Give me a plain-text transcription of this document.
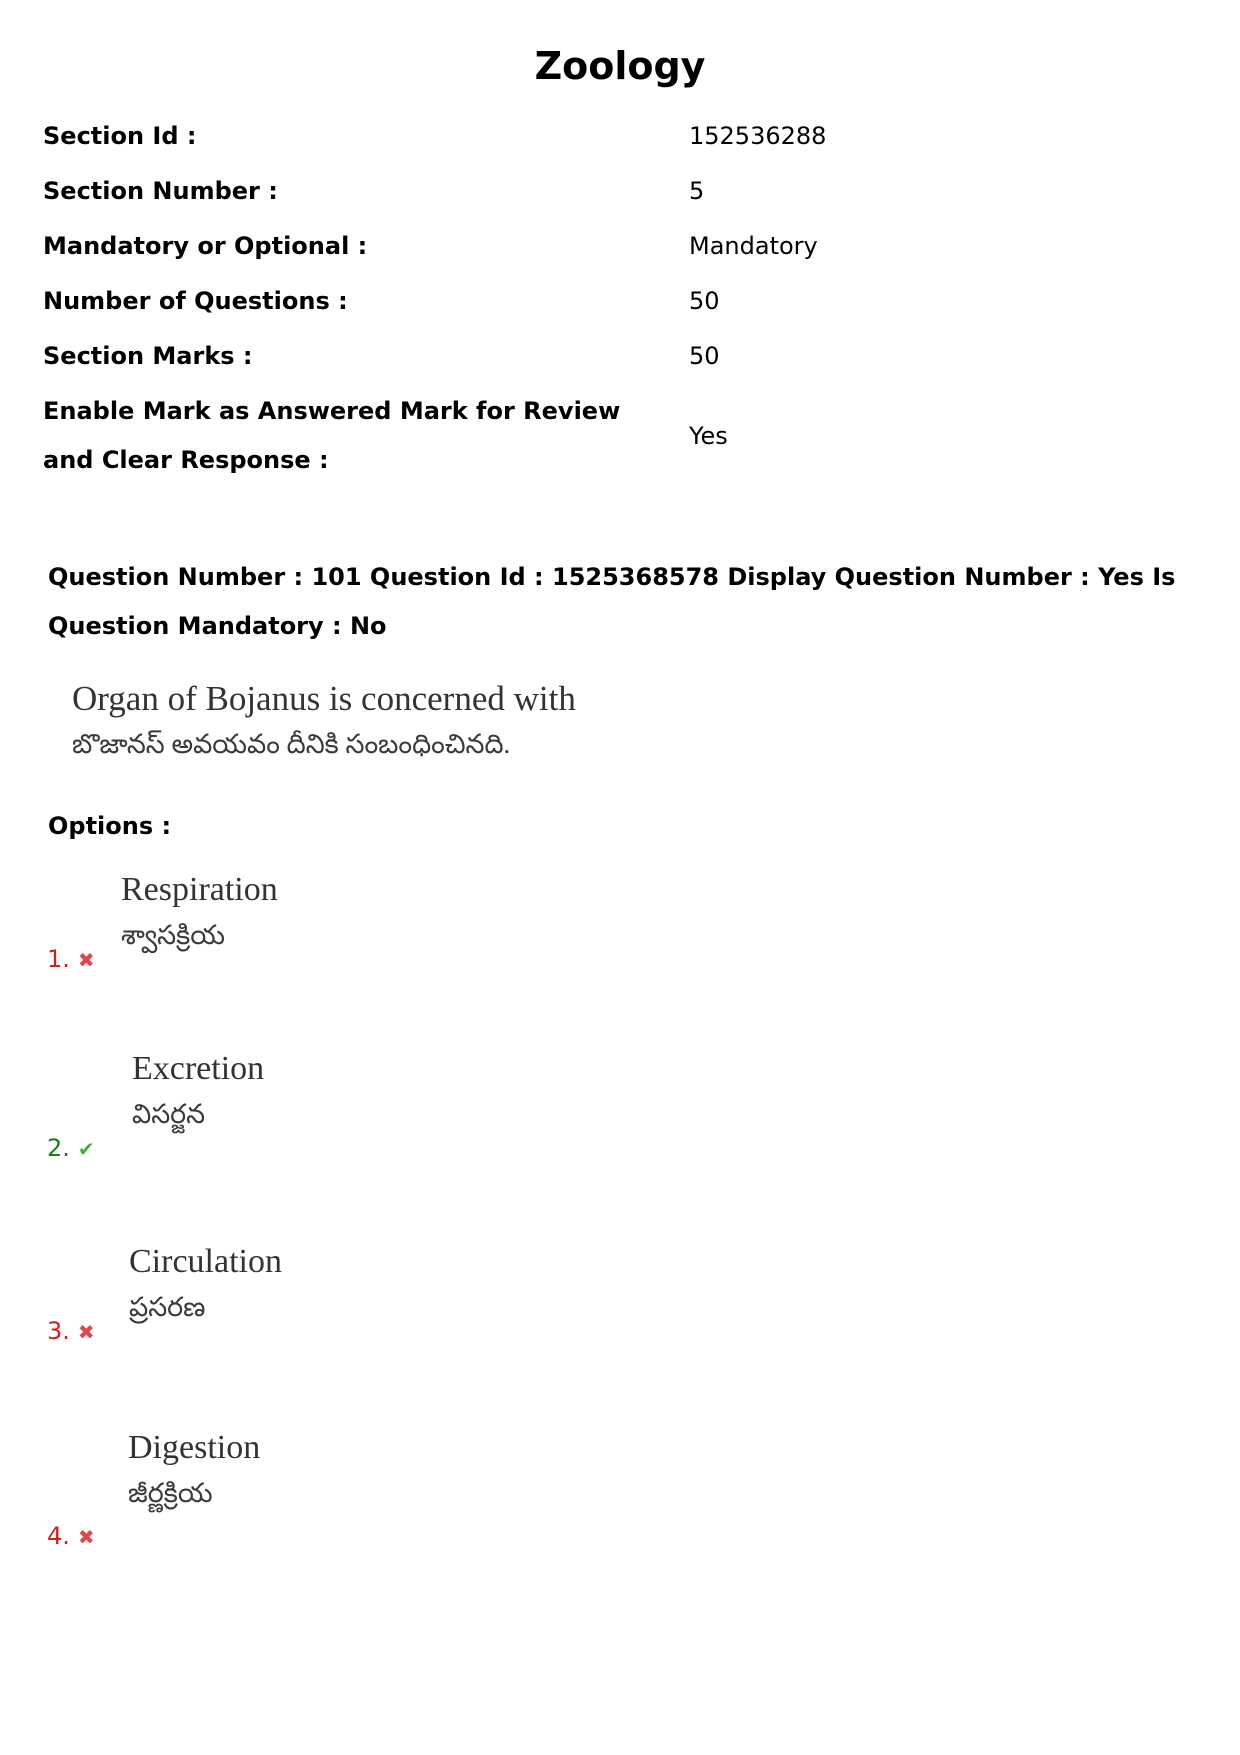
Zoology
Section Id :	152536288
Section Number :	5
Mandatory or Optional :	Mandatory
Number of Questions :	50
Section Marks :	50
Enable Mark as Answered Mark for Review and Clear Response :
Yes
Question Number : 101 Question Id : 1525368578 Display Question Number : Yes Is Question Mandatory : No
Organ of Bojanus is concerned with
బొజానస్ అవయవం దీనికి సంబంధించినది.
Options :
Respiration
శ్వాసక్రియ
1. ✖
Excretion
విసర్జన
2. ✔
Circulation
ప్రసరణ
3. ✖
Digestion
జీర్ణక్రియ
4. ✖
